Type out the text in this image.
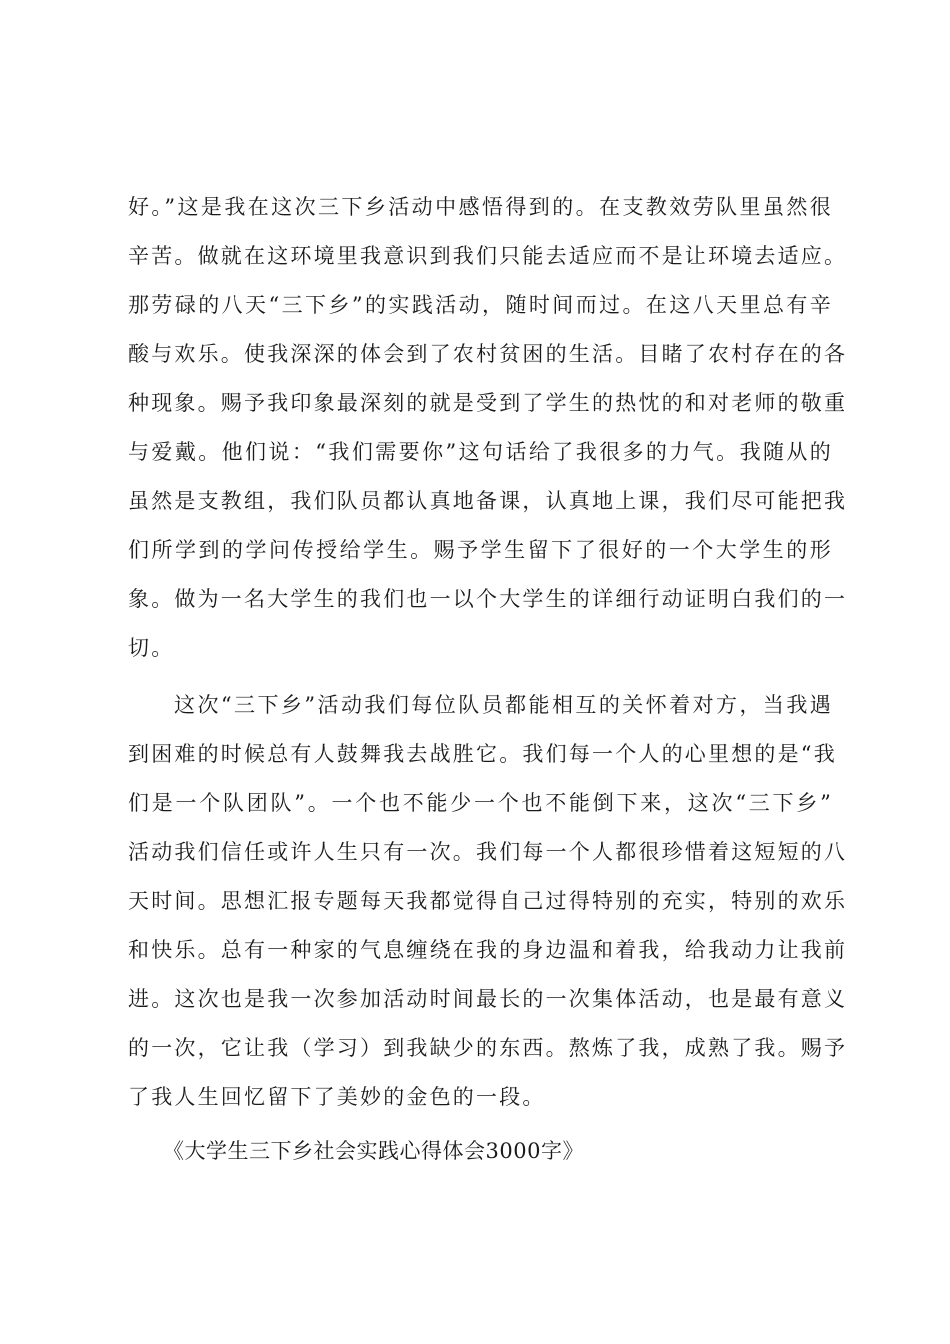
好。”这是我在这次三下乡活动中感悟得到的。在支教效劳队里虽然很
辛苦。做就在这环境里我意识到我们只能去适应而不是让环境去适应。
那劳碌的八天“三下乡”的实践活动，随时间而过。在这八天里总有辛
酸与欢乐。使我深深的体会到了农村贫困的生活。目睹了农村存在的各
种现象。赐予我印象最深刻的就是受到了学生的热忱的和对老师的敬重
与爱戴。他们说：“我们需要你”这句话给了我很多的力气。我随从的
虽然是支教组，我们队员都认真地备课，认真地上课，我们尽可能把我
们所学到的学问传授给学生。赐予学生留下了很好的一个大学生的形
象。做为一名大学生的我们也一以个大学生的详细行动证明白我们的一
切。
这次“三下乡”活动我们每位队员都能相互的关怀着对方，当我遇
到困难的时候总有人鼓舞我去战胜它。我们每一个人的心里想的是“我
们是一个队团队”。一个也不能少一个也不能倒下来，这次“三下乡”
活动我们信任或许人生只有一次。我们每一个人都很珍惜着这短短的八
天时间。思想汇报专题每天我都觉得自己过得特别的充实，特别的欢乐
和快乐。总有一种家的气息缠绕在我的身边温和着我，给我动力让我前
进。这次也是我一次参加活动时间最长的一次集体活动，也是最有意义
的一次，它让我（学习）到我缺少的东西。熬炼了我，成熟了我。赐予
了我人生回忆留下了美妙的金色的一段。
《大学生三下乡社会实践心得体会3000字》
